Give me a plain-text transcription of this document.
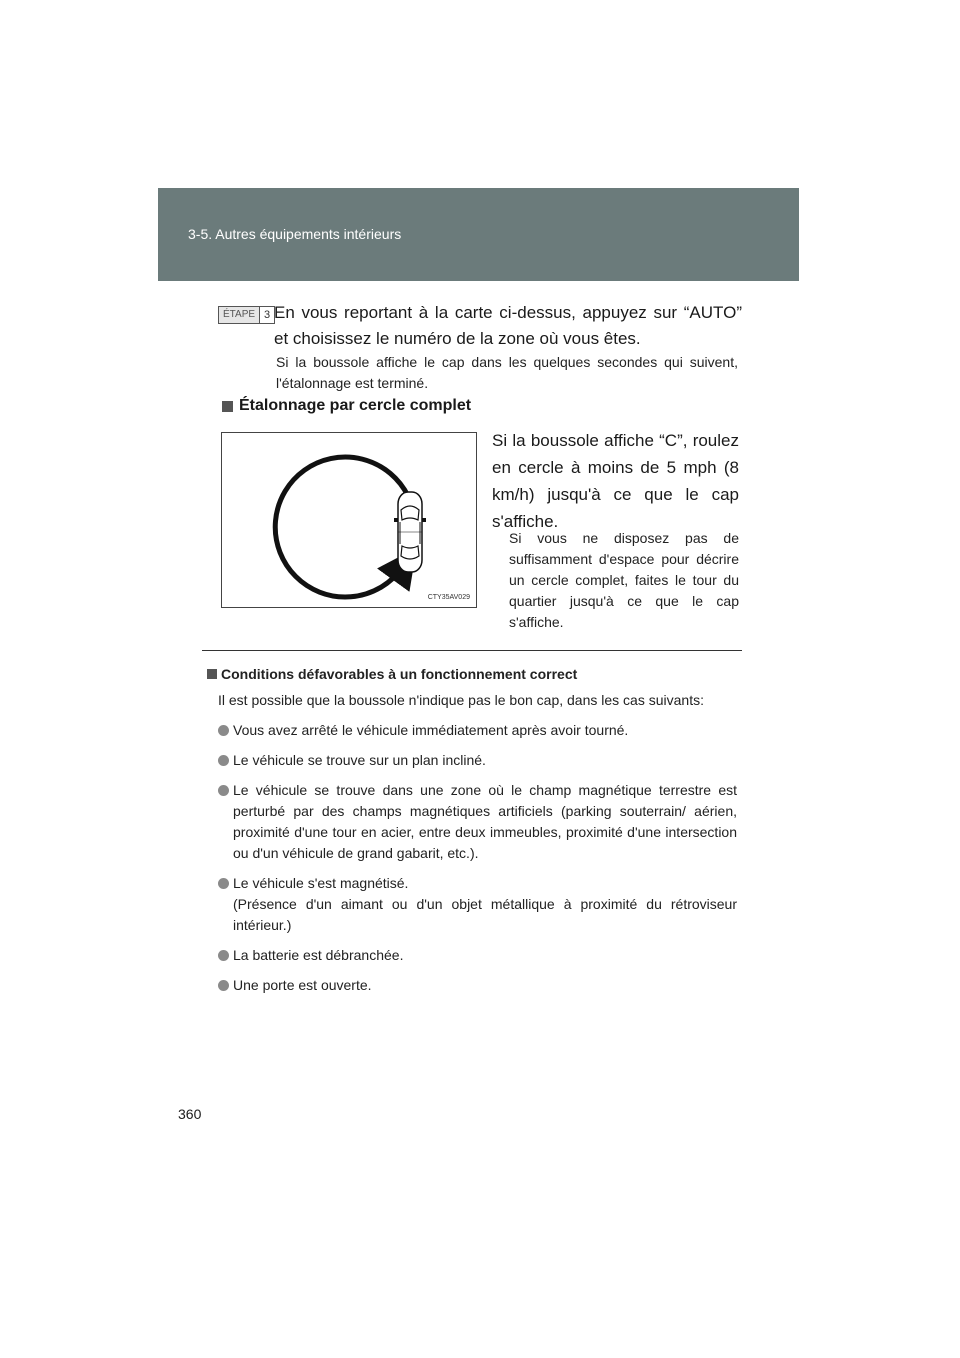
3-5. Autres équipements intérieurs
ÉTAPE 3 En vous reportant à la carte ci-dessus, appuyez sur “AUTO” et choisissez le numéro de la zone où vous êtes.
Si la boussole affiche le cap dans les quelques secondes qui suivent, l'étalonnage est terminé.
Étalonnage par cercle complet
CTY35AV029
Si la boussole affiche “C”, roulez en cercle à moins de 5 mph (8 km/h) jusqu'à ce que le cap s'affiche.
Si vous ne disposez pas de suffisamment d'espace pour décrire un cercle complet, faites le tour du quartier jusqu'à ce que le cap s'affiche.
Conditions défavorables à un fonctionnement correct
Il est possible que la boussole n'indique pas le bon cap, dans les cas suivants:
Vous avez arrêté le véhicule immédiatement après avoir tourné.
Le véhicule se trouve sur un plan incliné.
Le véhicule se trouve dans une zone où le champ magnétique terrestre est perturbé par des champs magnétiques artificiels (parking souterrain/ aérien, proximité d'une tour en acier, entre deux immeubles, proximité d'une intersection ou d'un véhicule de grand gabarit, etc.).
Le véhicule s'est magnétisé.
(Présence d'un aimant ou d'un objet métallique à proximité du rétroviseur intérieur.)
La batterie est débranchée.
Une porte est ouverte.
360
